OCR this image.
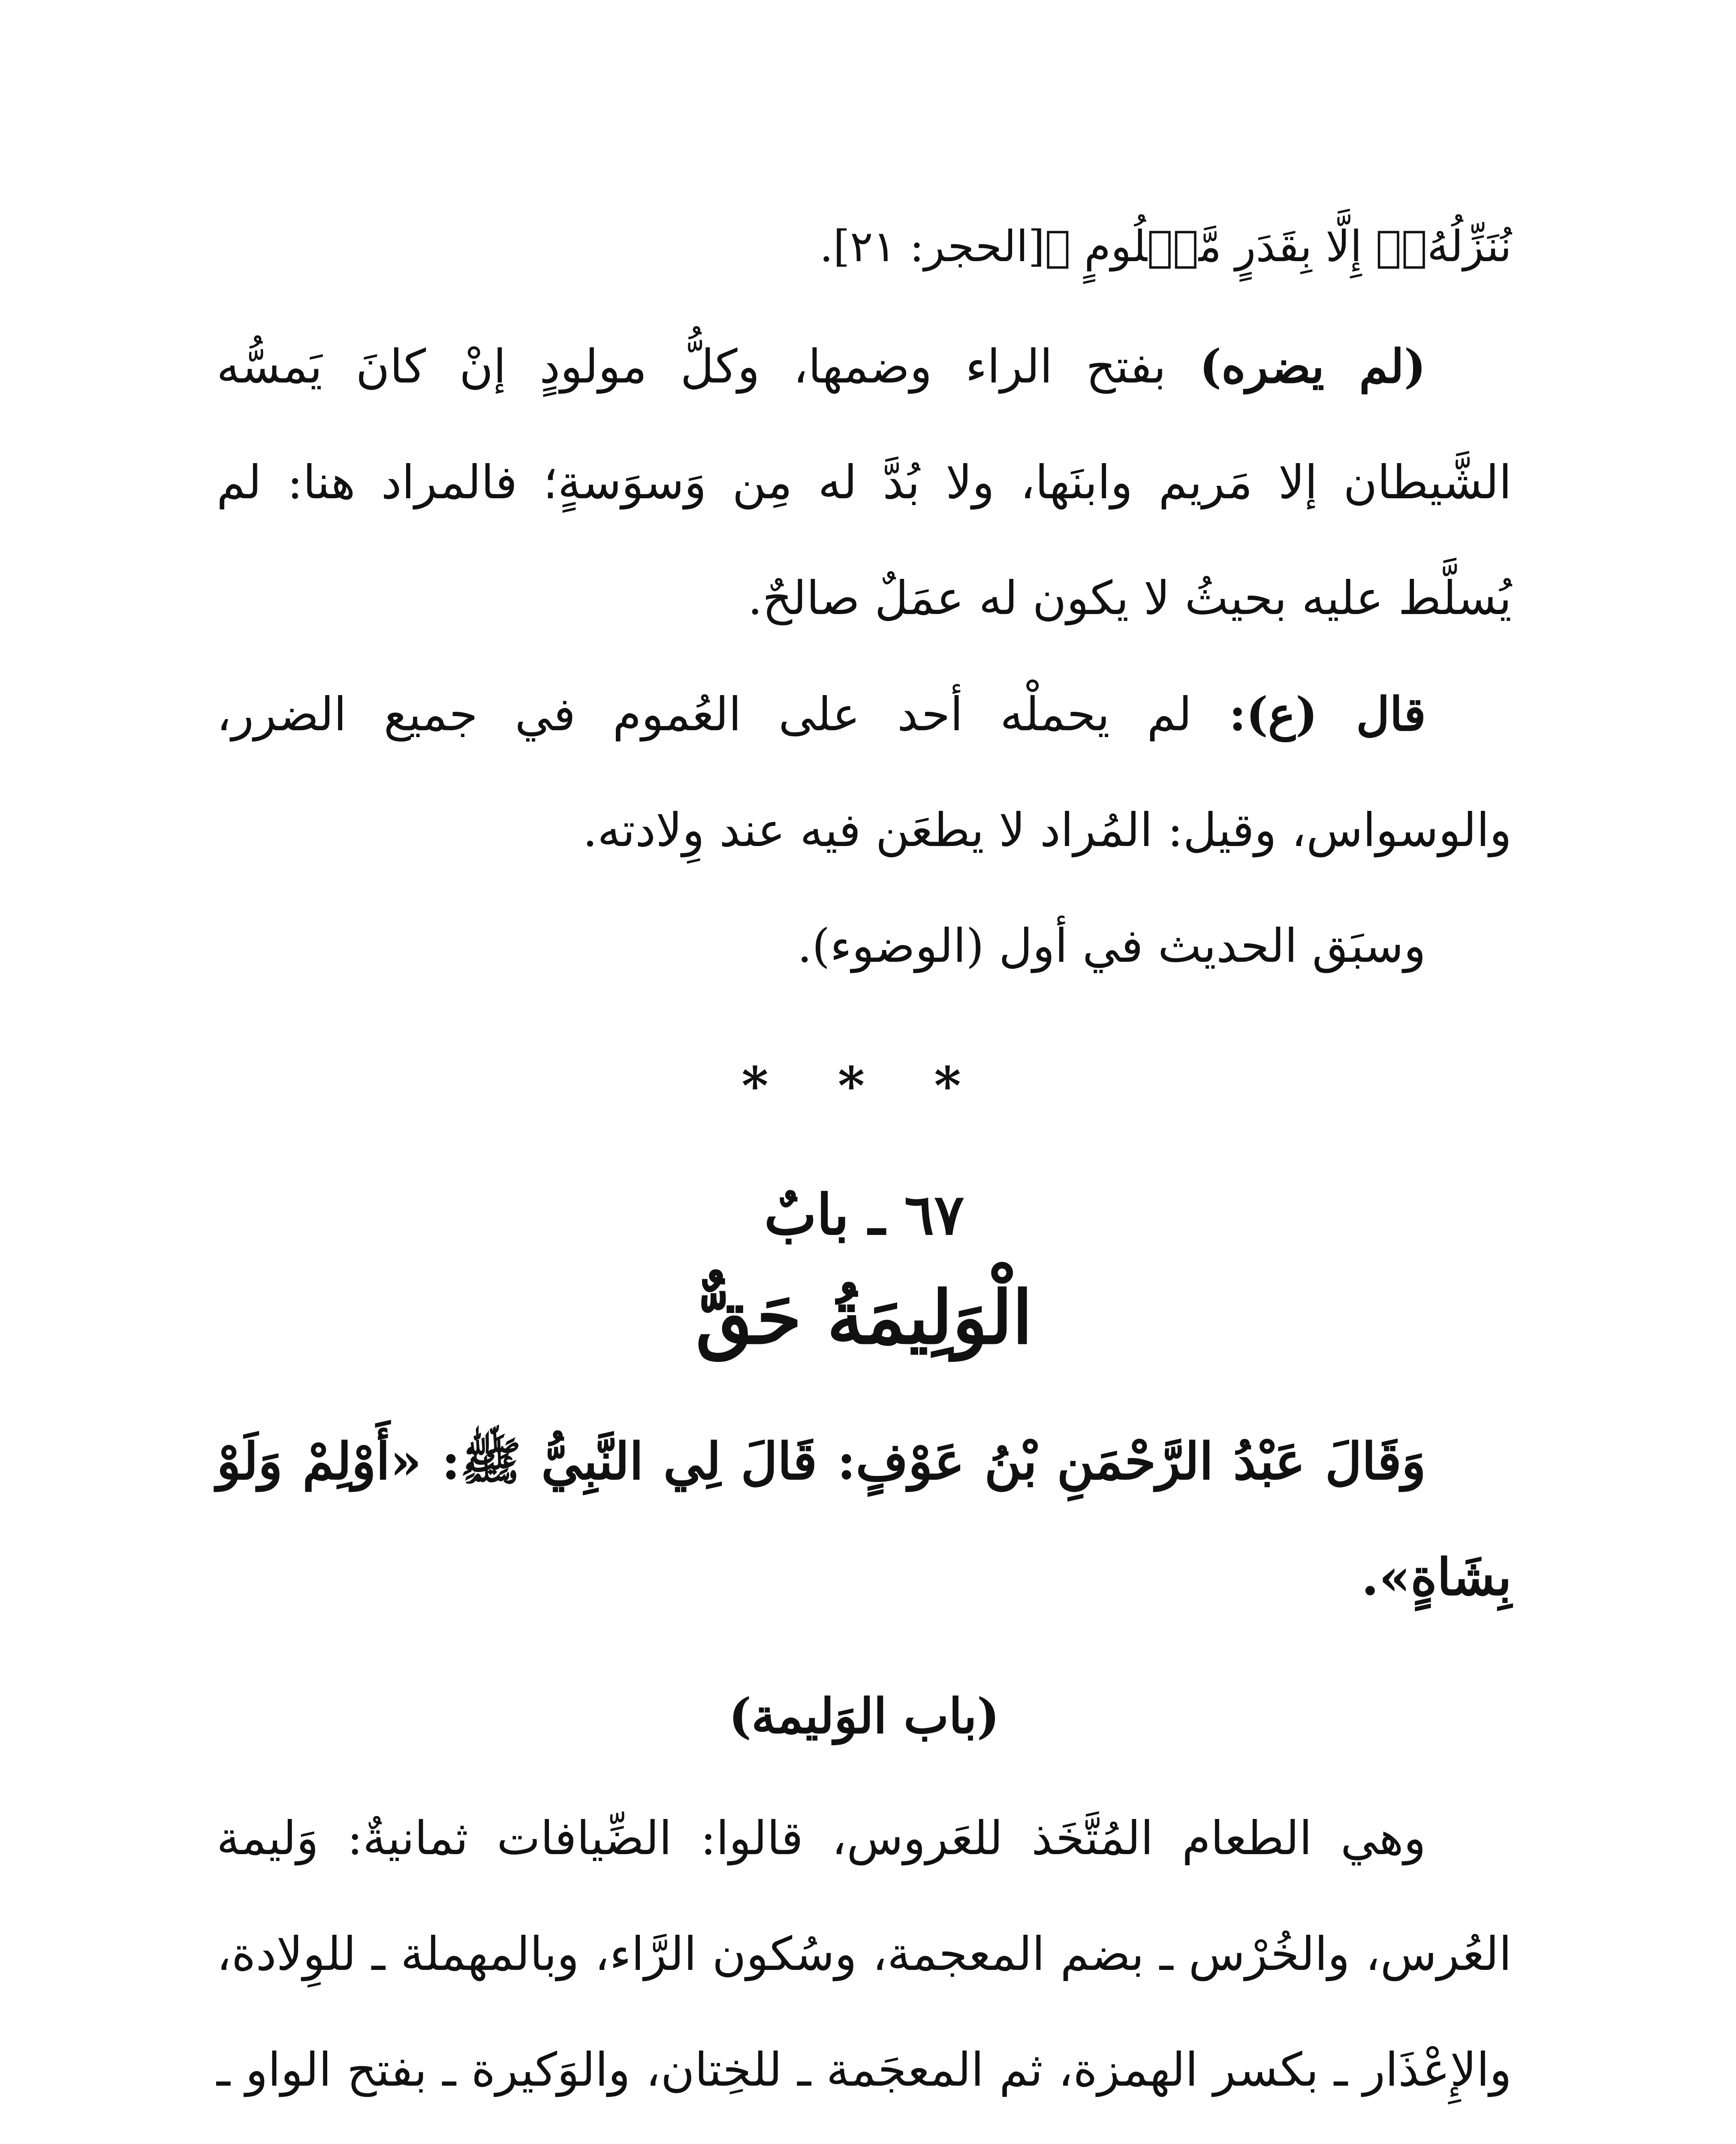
نُنَزِّلُهُۥٓ إِلَّا بِقَدَرٍ مَّعۡلُومٍ ﴾[الحجر: ٢١].

(لم يضره) بفتح الراء وضمها، وكلُّ مولودٍ إنْ كانَ يَمسُّه الشَّيطان إلا مَريم وابنَها، ولا بُدَّ له مِن وَسوَسةٍ؛ فالمراد هنا: لم يُسلَّط عليه بحيثُ لا يكون له عمَلٌ صالحٌ.

قال (ع): لم يحملْه أحد على العُموم في جميع الضرر، والوسواس، وقيل: المُراد لا يطعَن فيه عند وِلادته.

وسبَق الحديث في أول (الوضوء).

* * *
٦٧ ـ بابٌ
الْوَلِيمَةُ حَقٌّ

وَقَالَ عَبْدُ الرَّحْمَنِ بْنُ عَوْفٍ: قَالَ لِي النَّبِيُّ ﷺ: «أَوْلِمْ وَلَوْ بِشَاةٍ».

(باب الوَليمة)

وهي الطعام المُتَّخَذ للعَروس، قالوا: الضِّيافات ثمانيةٌ: وَليمة العُرس، والخُرْس ـ بضم المعجمة، وسُكون الرَّاء، وبالمهملة ـ للوِلادة، والإِعْذَار ـ بكسر الهمزة، ثم المعجَمة ـ للخِتان، والوَكيرة ـ بفتح الواو ـ
